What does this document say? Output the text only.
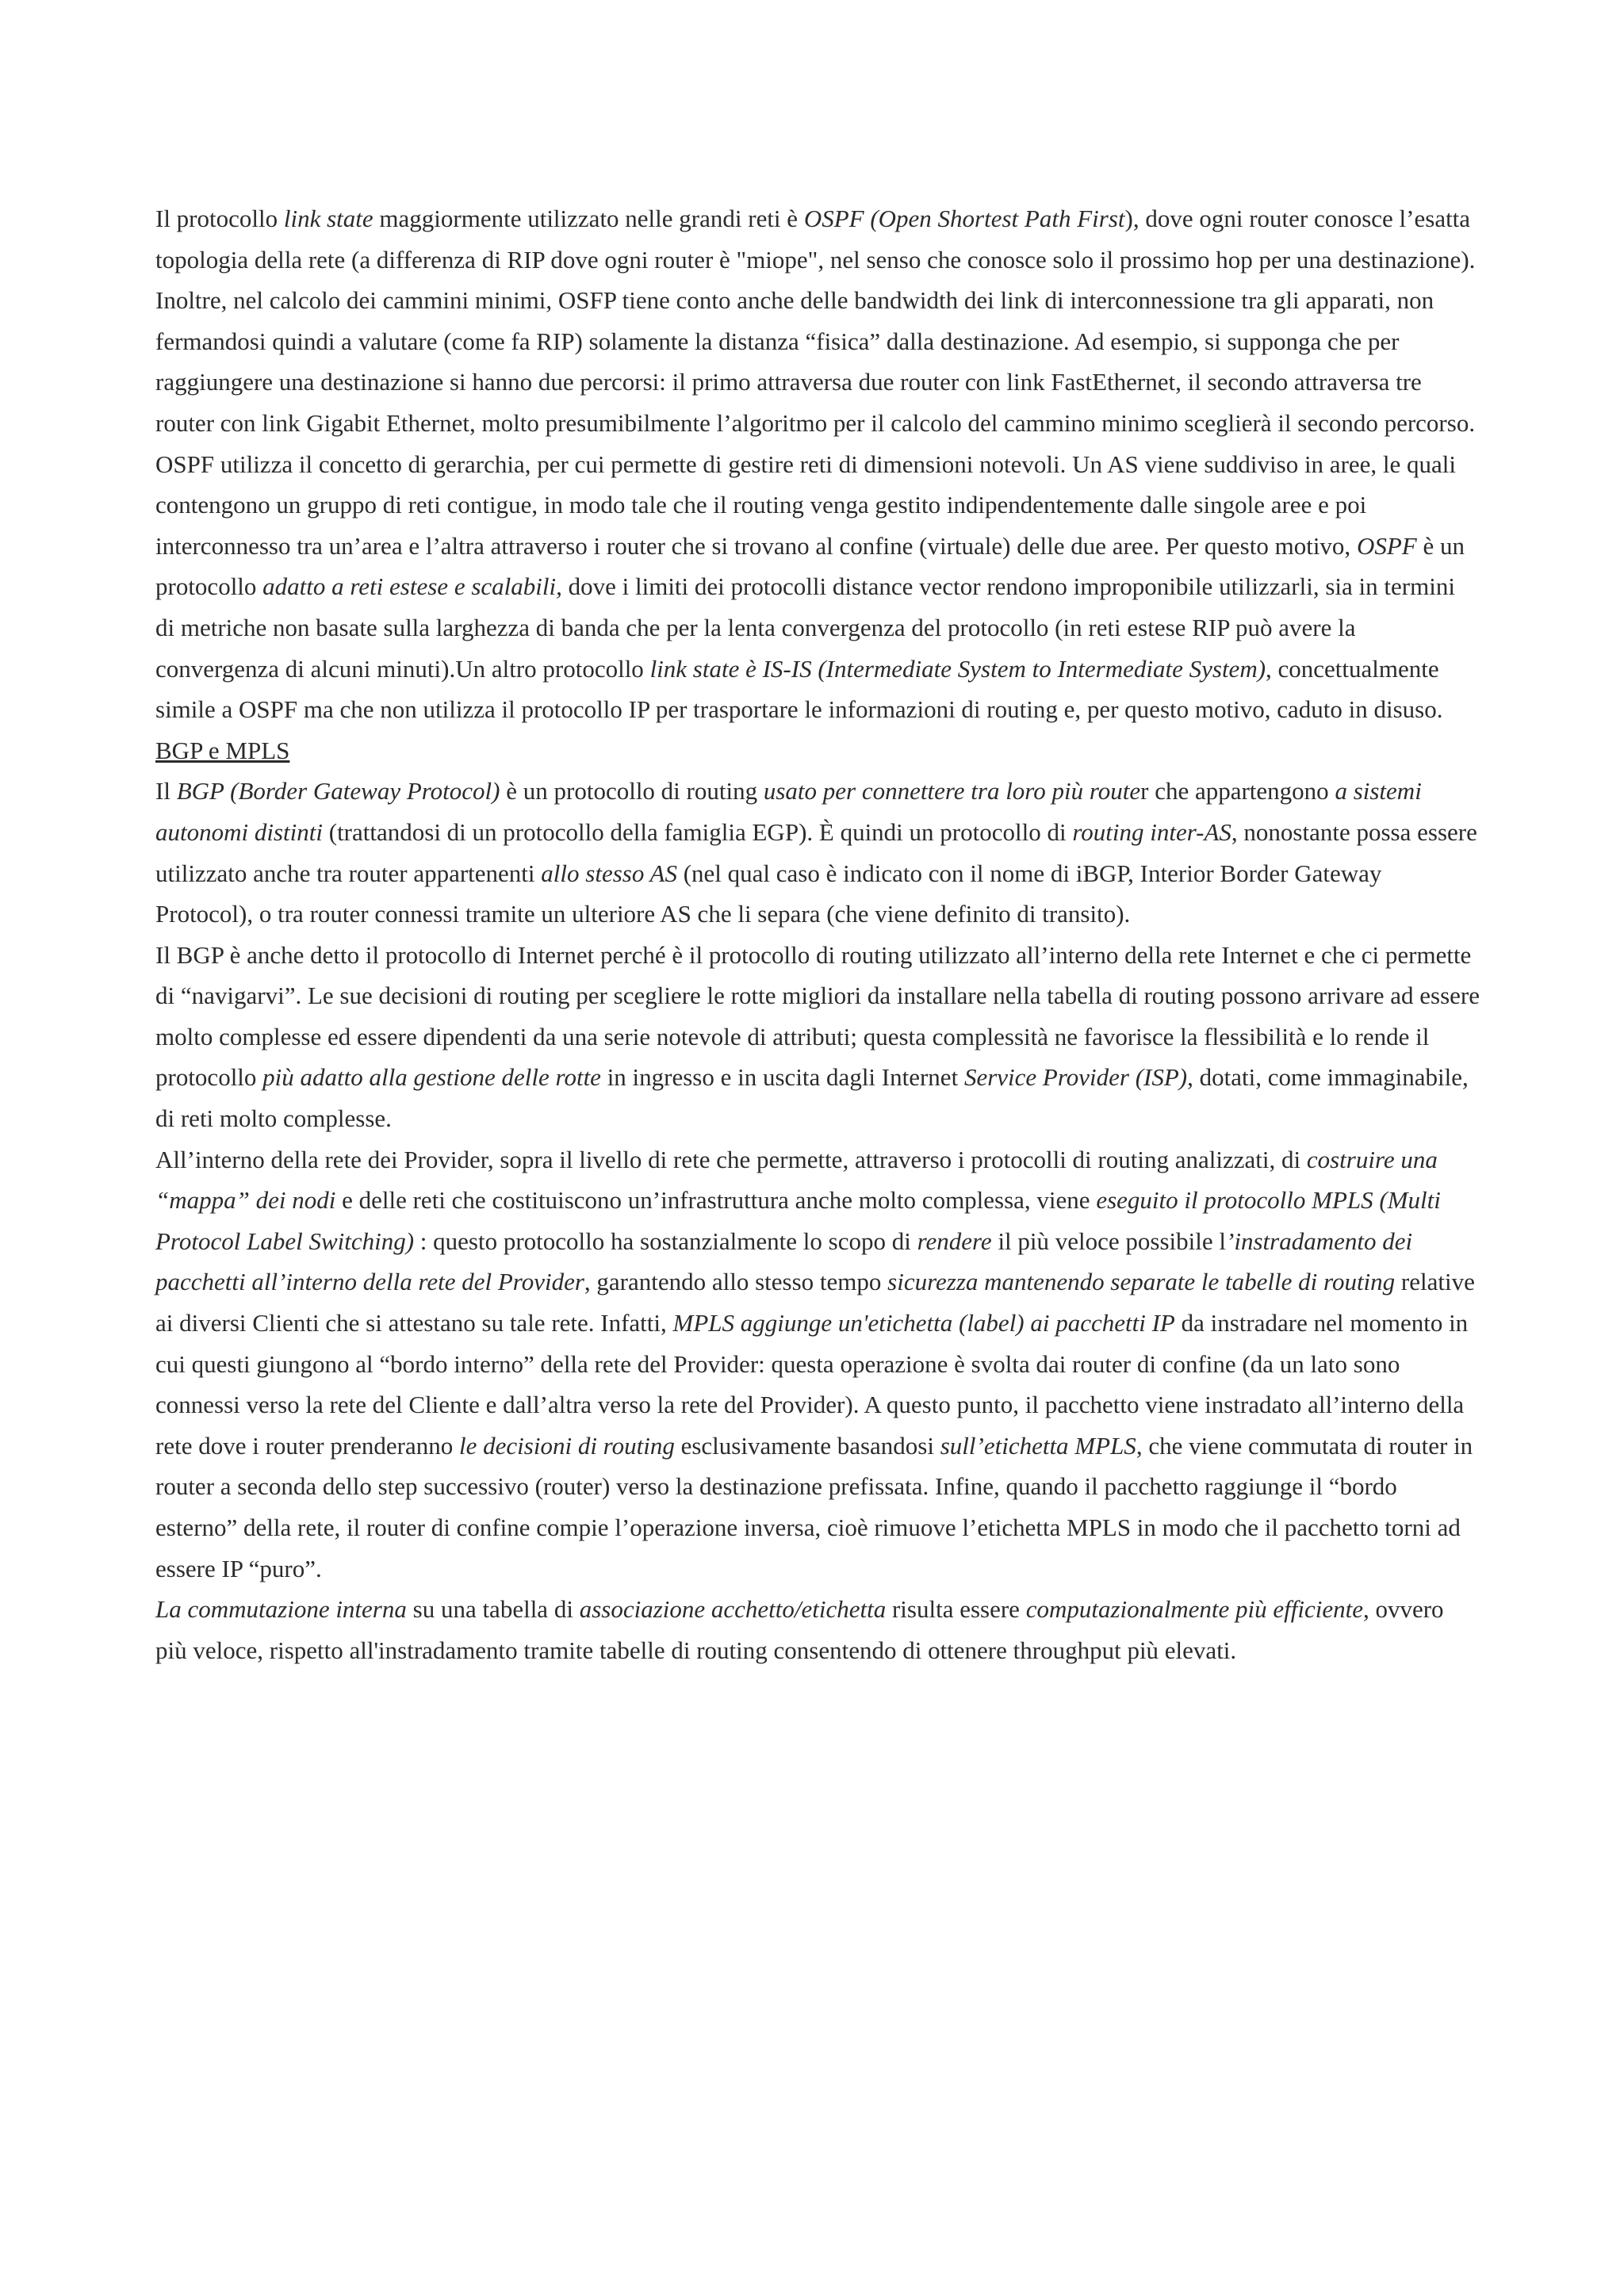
Il protocollo link state maggiormente utilizzato nelle grandi reti è OSPF (Open Shortest Path First), dove ogni router conosce l’esatta topologia della rete (a differenza di RIP dove ogni router è "miope", nel senso che conosce solo il prossimo hop per una destinazione). Inoltre, nel calcolo dei cammini minimi, OSFP tiene conto anche delle bandwidth dei link di interconnessione tra gli apparati, non fermandosi quindi a valutare (come fa RIP) solamente la distanza “fisica” dalla destinazione. Ad esempio, si supponga che per raggiungere una destinazione si hanno due percorsi: il primo attraversa due router con link FastEthernet, il secondo attraversa tre router con link Gigabit Ethernet, molto presumibilmente l’algoritmo per il calcolo del cammino minimo sceglierà il secondo percorso.

OSPF utilizza il concetto di gerarchia, per cui permette di gestire reti di dimensioni notevoli. Un AS viene suddiviso in aree, le quali contengono un gruppo di reti contigue, in modo tale che il routing venga gestito indipendentemente dalle singole aree e poi interconnesso tra un’area e l’altra attraverso i router che si trovano al confine (virtuale) delle due aree. Per questo motivo, OSPF è un protocollo adatto a reti estese e scalabili, dove i limiti dei protocolli distance vector rendono improponibile utilizzarli, sia in termini di metriche non basate sulla larghezza di banda che per la lenta convergenza del protocollo (in reti estese RIP può avere la convergenza di alcuni minuti).Un altro protocollo link state è IS-IS (Intermediate System to Intermediate System), concettualmente simile a OSPF ma che non utilizza il protocollo IP per trasportare le informazioni di routing e, per questo motivo, caduto in disuso.

BGP e MPLS

Il BGP (Border Gateway Protocol) è un protocollo di routing usato per connettere tra loro più router che appartengono a sistemi autonomi distinti (trattandosi di un protocollo della famiglia EGP). È quindi un protocollo di routing inter-AS, nonostante possa essere utilizzato anche tra router appartenenti allo stesso AS (nel qual caso è indicato con il nome di iBGP, Interior Border Gateway Protocol), o tra router connessi tramite un ulteriore AS che li separa (che viene definito di transito).

Il BGP è anche detto il protocollo di Internet perché è il protocollo di routing utilizzato all’interno della rete Internet e che ci permette di “navigarvi”. Le sue decisioni di routing per scegliere le rotte migliori da installare nella tabella di routing possono arrivare ad essere molto complesse ed essere dipendenti da una serie notevole di attributi; questa complessità ne favorisce la flessibilità e lo rende il protocollo più adatto alla gestione delle rotte in ingresso e in uscita dagli Internet Service Provider (ISP), dotati, come immaginabile, di reti molto complesse.

All’interno della rete dei Provider, sopra il livello di rete che permette, attraverso i protocolli di routing analizzati, di costruire una “mappa” dei nodi e delle reti che costituiscono un’infrastruttura anche molto complessa, viene eseguito il protocollo MPLS (Multi Protocol Label Switching) : questo protocollo ha sostanzialmente lo scopo di rendere il più veloce possibile l’instradamento dei pacchetti all’interno della rete del Provider, garantendo allo stesso tempo sicurezza mantenendo separate le tabelle di routing relative ai diversi Clienti che si attestano su tale rete. Infatti, MPLS aggiunge un'etichetta (label) ai pacchetti IP da instradare nel momento in cui questi giungono al “bordo interno” della rete del Provider: questa operazione è svolta dai router di confine (da un lato sono connessi verso la rete del Cliente e dall’altra verso la rete del Provider). A questo punto, il pacchetto viene instradato all’interno della rete dove i router prenderanno le decisioni di routing esclusivamente basandosi sull’etichetta MPLS, che viene commutata di router in router a seconda dello step successivo (router) verso la destinazione prefissata. Infine, quando il pacchetto raggiunge il “bordo esterno” della rete, il router di confine compie l’operazione inversa, cioè rimuove l’etichetta MPLS in modo che il pacchetto torni ad essere IP “puro”.

La commutazione interna su una tabella di associazione acchetto/etichetta risulta essere computazionalmente più efficiente, ovvero più veloce, rispetto all'instradamento tramite tabelle di routing consentendo di ottenere throughput più elevati.
